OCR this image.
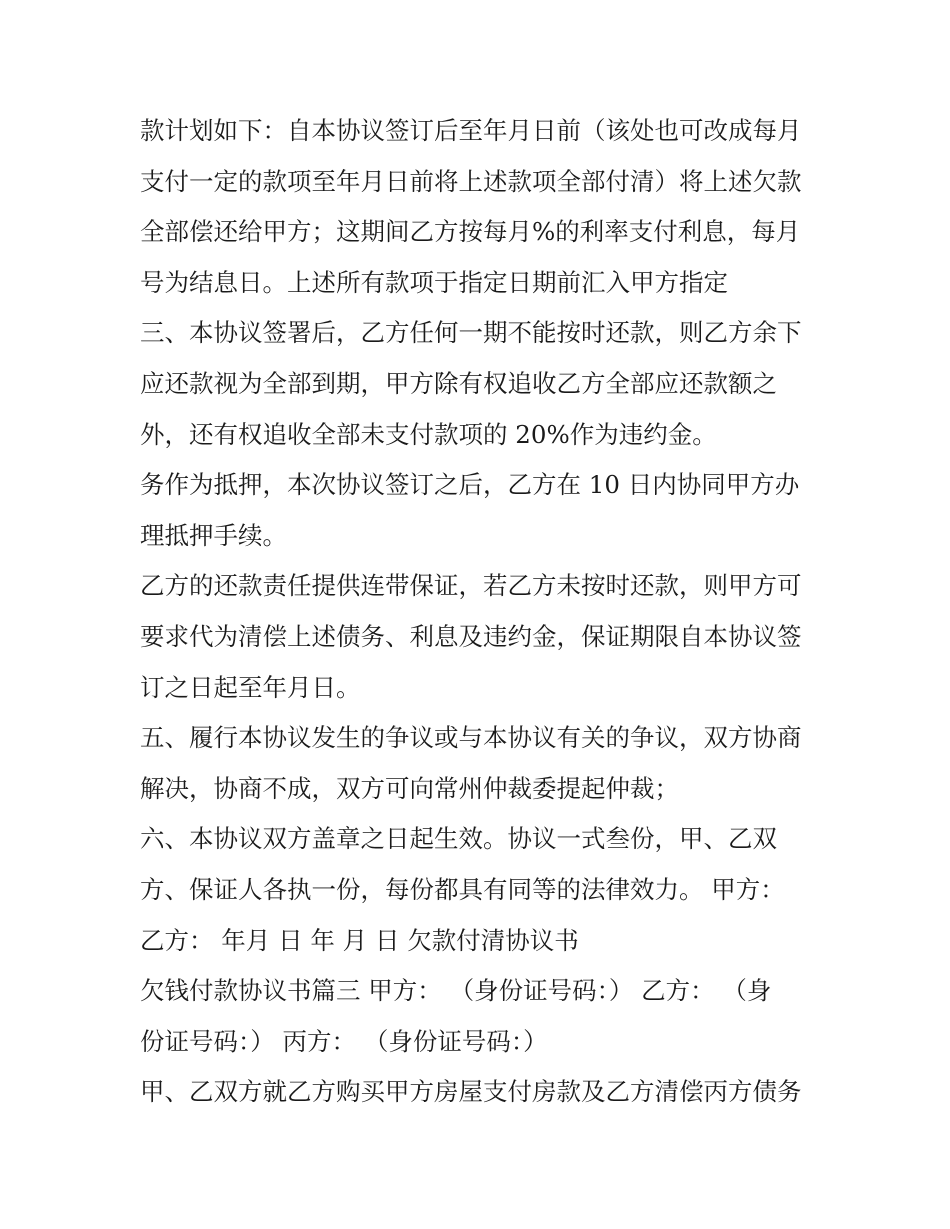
款计划如下：自本协议签订后至年月日前（该处也可改成每月
支付一定的款项至年月日前将上述款项全部付清）将上述欠款
全部偿还给甲方；这期间乙方按每月%的利率支付利息，每月
号为结息日。上述所有款项于指定日期前汇入甲方指定
三、本协议签署后，乙方任何一期不能按时还款，则乙方余下
应还款视为全部到期，甲方除有权追收乙方全部应还款额之
外，还有权追收全部未支付款项的 20%作为违约金。
务作为抵押，本次协议签订之后，乙方在 10 日内协同甲方办
理抵押手续。
乙方的还款责任提供连带保证，若乙方未按时还款，则甲方可
要求代为清偿上述债务、利息及违约金，保证期限自本协议签
订之日起至年月日。
五、履行本协议发生的争议或与本协议有关的争议，双方协商
解决，协商不成，双方可向常州仲裁委提起仲裁；
六、本协议双方盖章之日起生效。协议一式叁份，甲、乙双
方、保证人各执一份，每份都具有同等的法律效力。 甲方：
乙方： 年月 日 年 月 日 欠款付清协议书
欠钱付款协议书篇三 甲方： （身份证号码：） 乙方： （身
份证号码：） 丙方： （身份证号码：）
甲、乙双方就乙方购买甲方房屋支付房款及乙方清偿丙方债务
